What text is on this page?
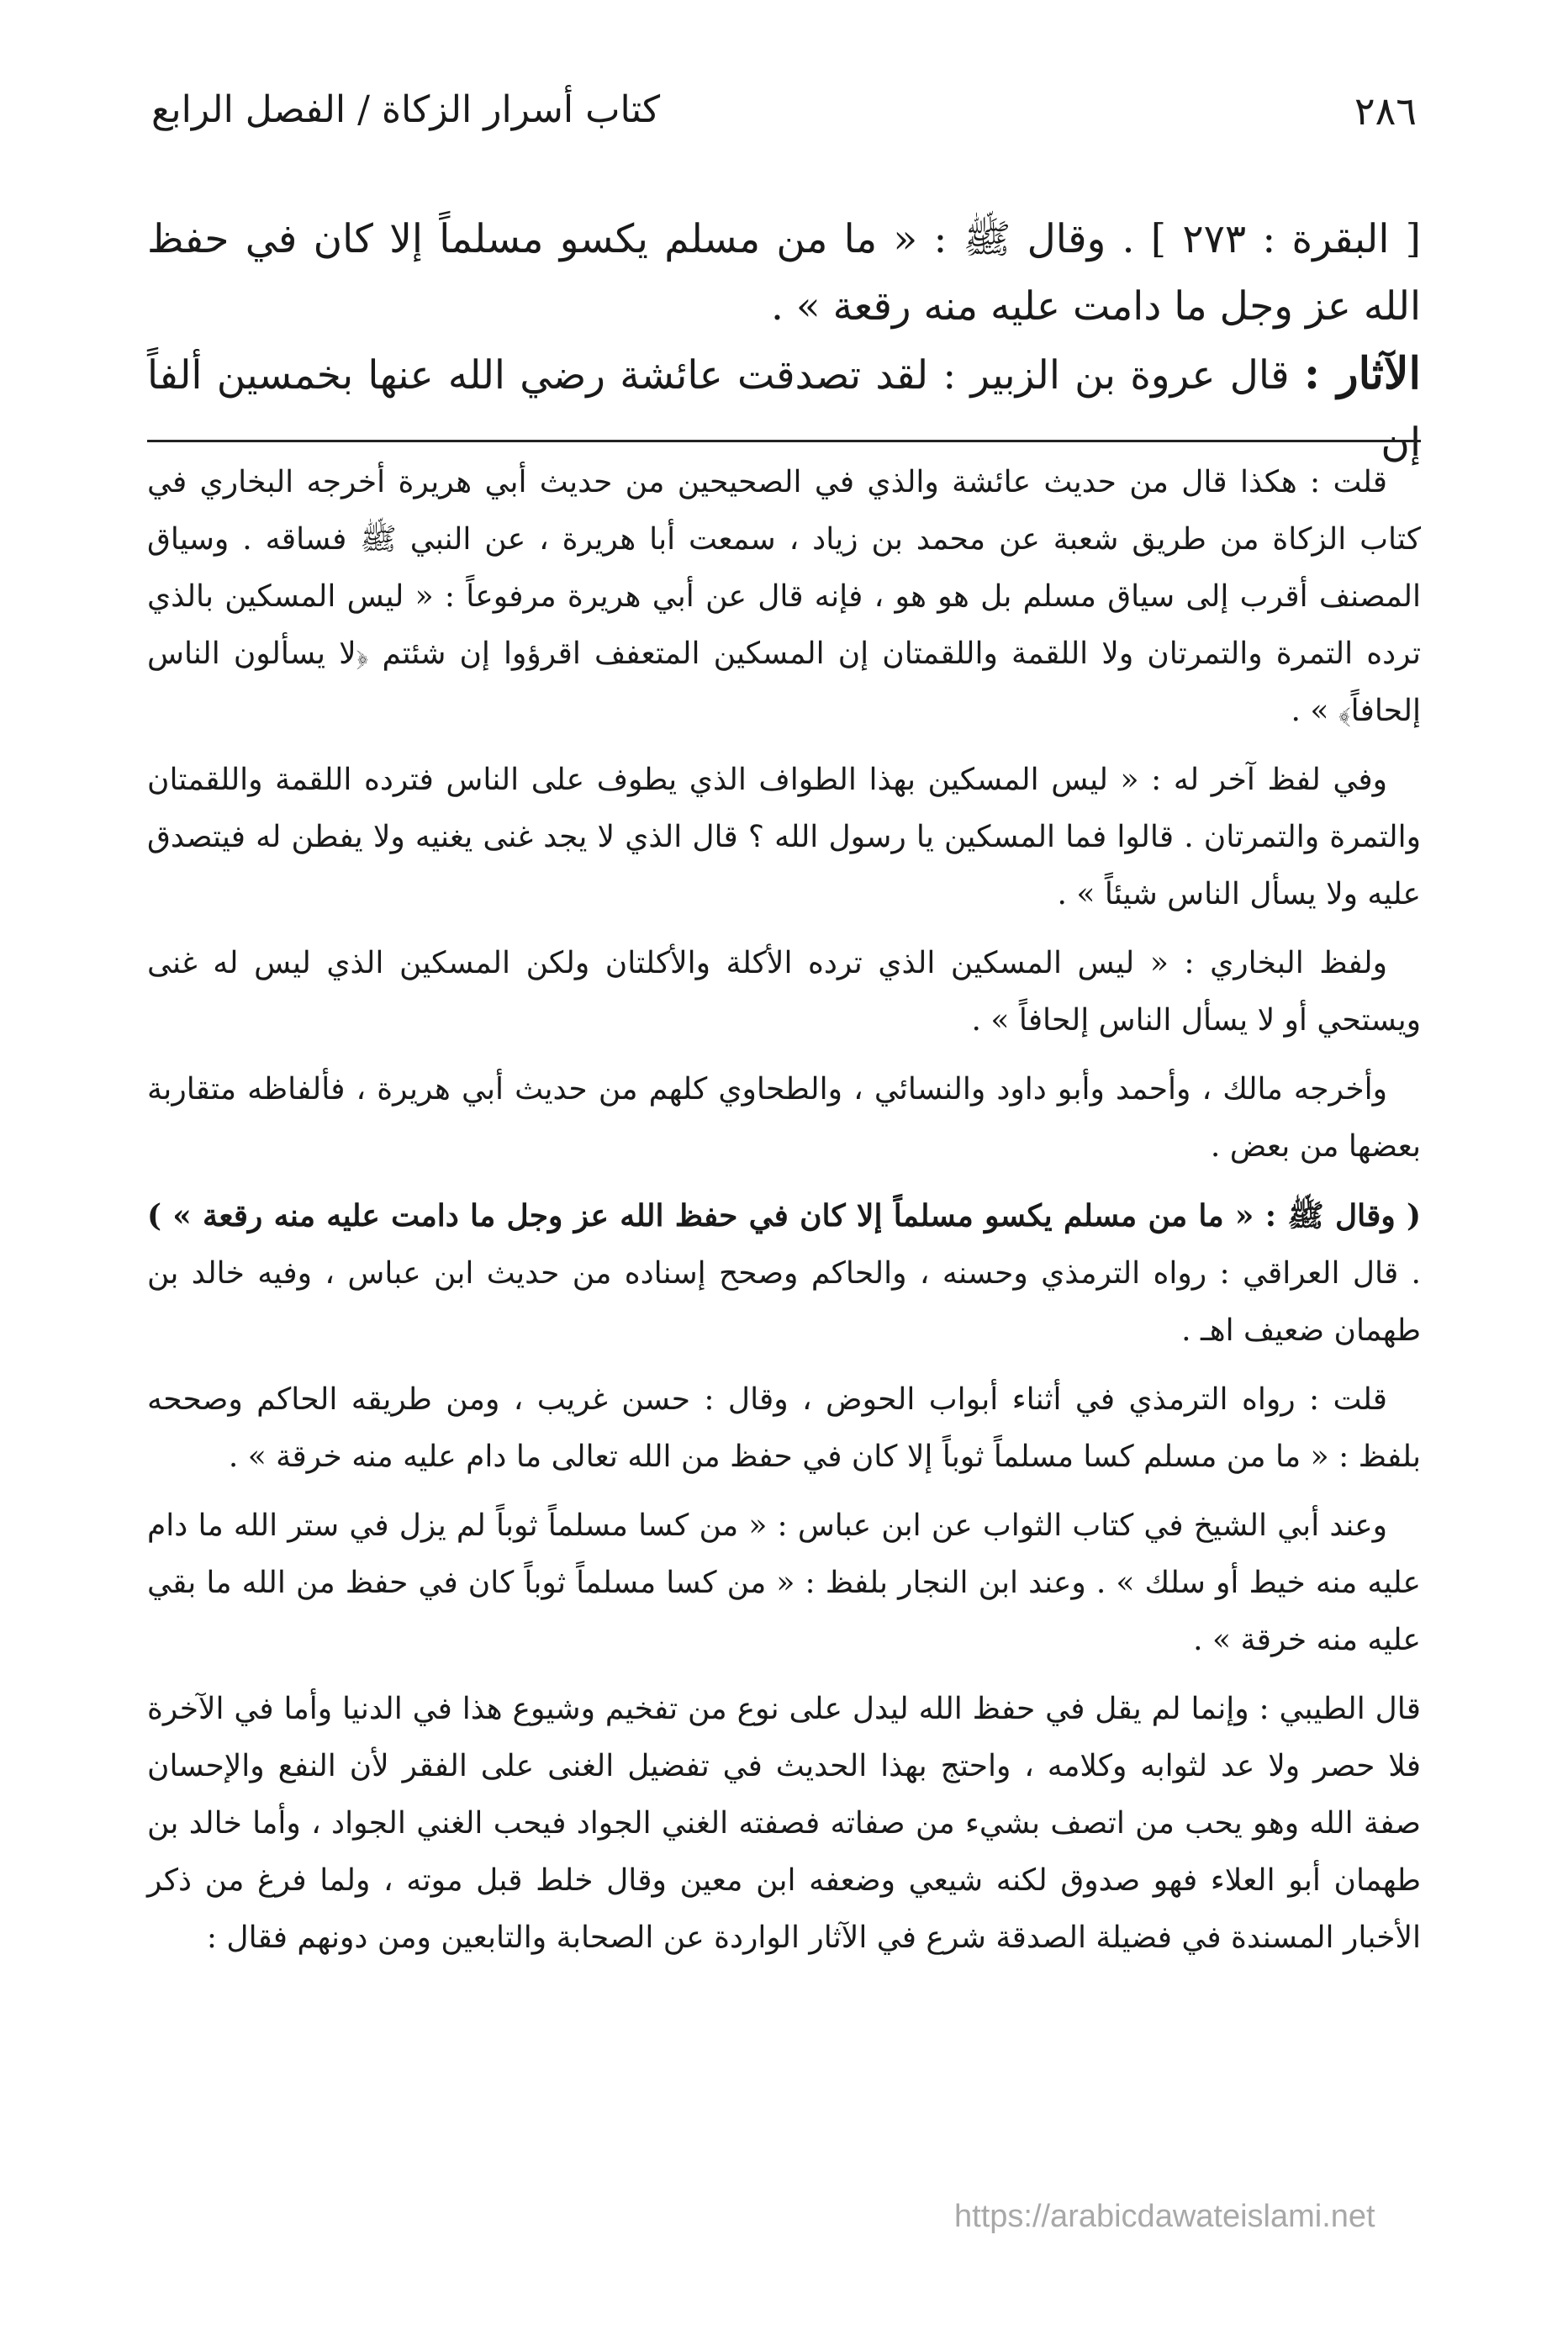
٢٨٦
كتاب أسرار الزكاة / الفصل الرابع

[ البقرة : ٢٧٣ ] . وقال ﷺ : « ما من مسلم يكسو مسلماً إلا كان في حفظ الله عز وجل ما دامت عليه منه رقعة » .

الآثار : قال عروة بن الزبير : لقد تصدقت عائشة رضي الله عنها بخمسين ألفاً إن

قلت : هكذا قال من حديث عائشة والذي في الصحيحين من حديث أبي هريرة أخرجه البخاري في كتاب الزكاة من طريق شعبة عن محمد بن زياد ، سمعت أبا هريرة ، عن النبي ﷺ فساقه . وسياق المصنف أقرب إلى سياق مسلم بل هو هو ، فإنه قال عن أبي هريرة مرفوعاً : « ليس المسكين بالذي ترده التمرة والتمرتان ولا اللقمة واللقمتان إن المسكين المتعفف اقرؤوا إن شئتم ﴿لا يسألون الناس إلحافاً﴾ » .

وفي لفظ آخر له : « ليس المسكين بهذا الطواف الذي يطوف على الناس فترده اللقمة واللقمتان والتمرة والتمرتان . قالوا فما المسكين يا رسول الله ؟ قال الذي لا يجد غنى يغنيه ولا يفطن له فيتصدق عليه ولا يسأل الناس شيئاً » .

ولفظ البخاري : « ليس المسكين الذي ترده الأكلة والأكلتان ولكن المسكين الذي ليس له غنى ويستحي أو لا يسأل الناس إلحافاً » .

وأخرجه مالك ، وأحمد وأبو داود والنسائي ، والطحاوي كلهم من حديث أبي هريرة ، فألفاظه متقاربة بعضها من بعض .

( وقال ﷺ : « ما من مسلم يكسو مسلماً إلا كان في حفظ الله عز وجل ما دامت عليه منه رقعة » ) . قال العراقي : رواه الترمذي وحسنه ، والحاكم وصحح إسناده من حديث ابن عباس ، وفيه خالد بن طهمان ضعيف اهـ .

قلت : رواه الترمذي في أثناء أبواب الحوض ، وقال : حسن غريب ، ومن طريقه الحاكم وصححه بلفظ : « ما من مسلم كسا مسلماً ثوباً إلا كان في حفظ من الله تعالى ما دام عليه منه خرقة » .

وعند أبي الشيخ في كتاب الثواب عن ابن عباس : « من كسا مسلماً ثوباً لم يزل في ستر الله ما دام عليه منه خيط أو سلك » . وعند ابن النجار بلفظ : « من كسا مسلماً ثوباً كان في حفظ من الله ما بقي عليه منه خرقة » .

قال الطيبي : وإنما لم يقل في حفظ الله ليدل على نوع من تفخيم وشيوع هذا في الدنيا وأما في الآخرة فلا حصر ولا عد لثوابه وكلامه ، واحتج بهذا الحديث في تفضيل الغنى على الفقر لأن النفع والإحسان صفة الله وهو يحب من اتصف بشيء من صفاته فصفته الغني الجواد فيحب الغني الجواد ، وأما خالد بن طهمان أبو العلاء فهو صدوق لكنه شيعي وضعفه ابن معين وقال خلط قبل موته ، ولما فرغ من ذكر الأخبار المسندة في فضيلة الصدقة شرع في الآثار الواردة عن الصحابة والتابعين ومن دونهم فقال :

https://arabicdawateislami.net
